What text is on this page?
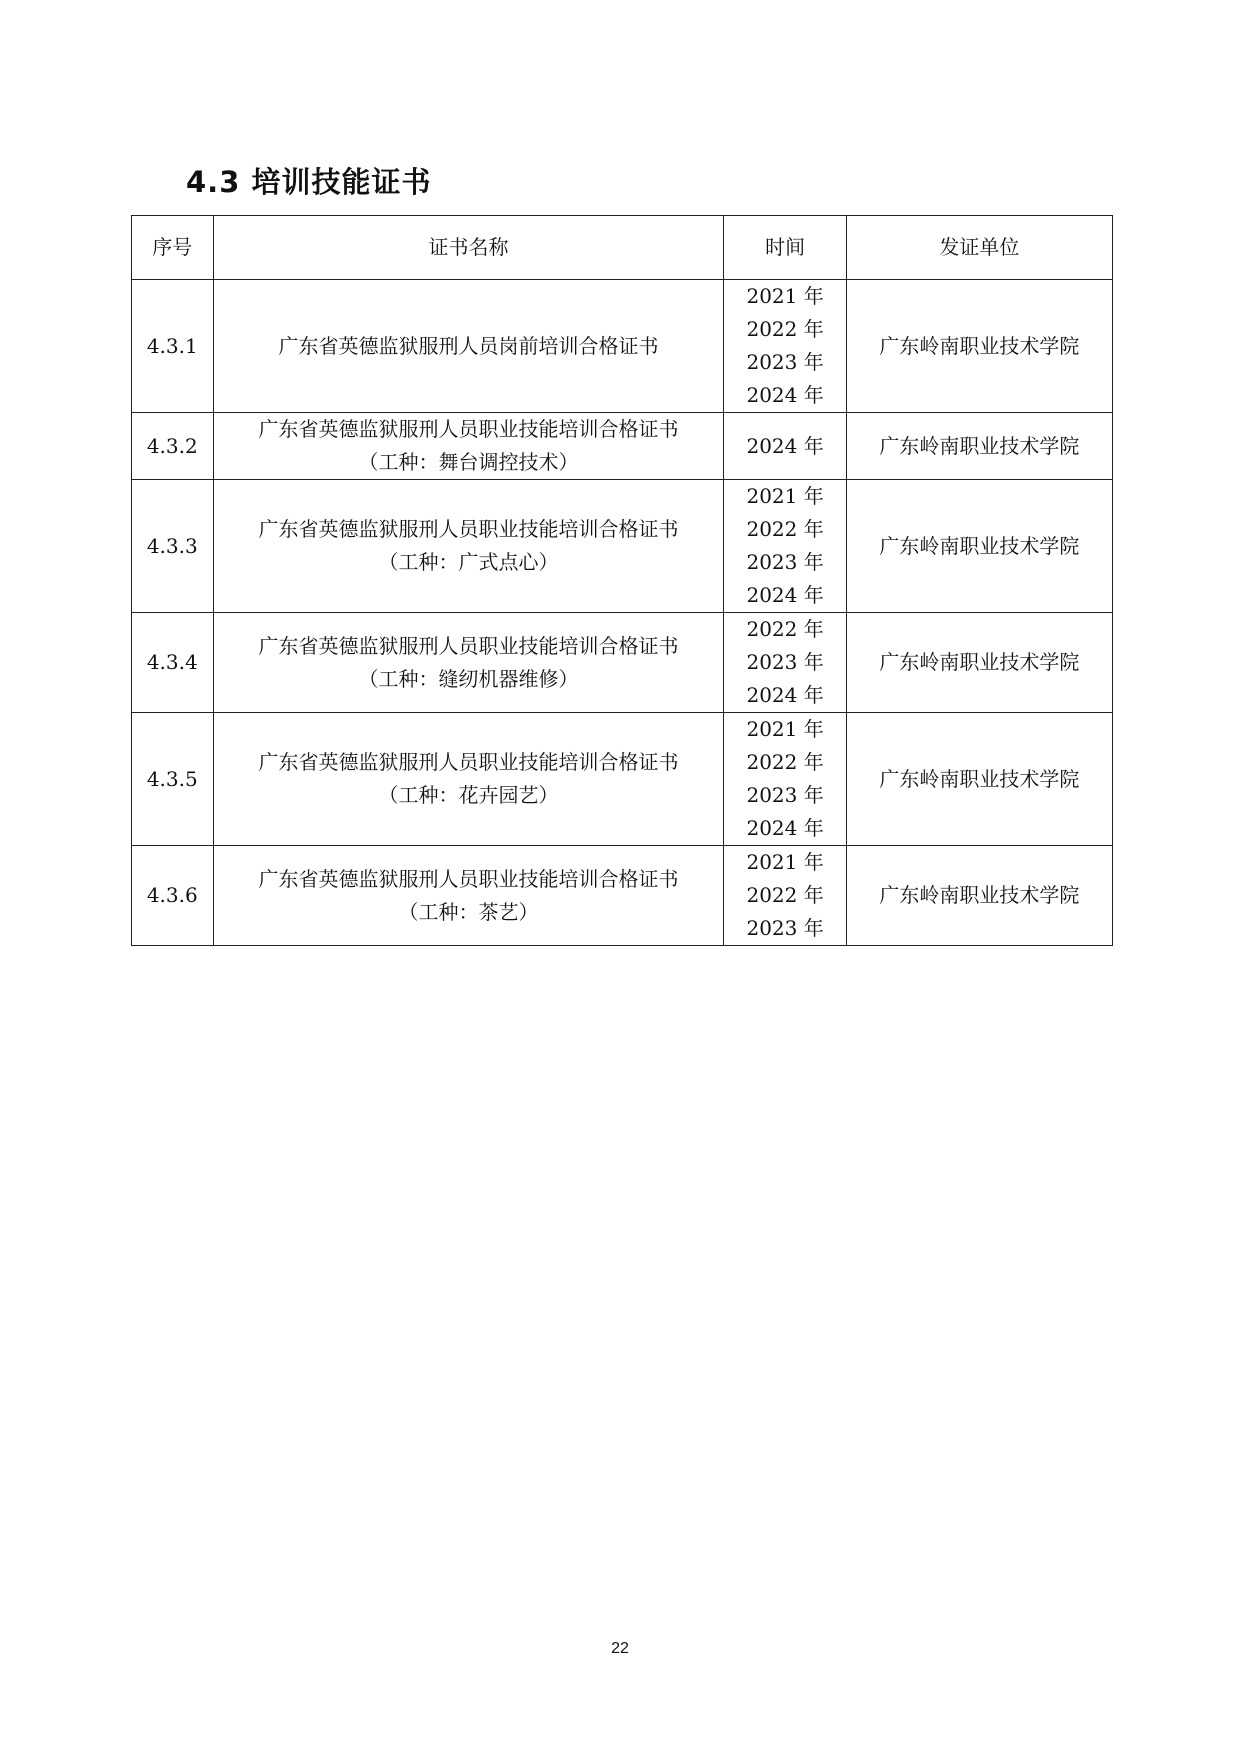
4.3 培训技能证书
序号	证书名称	时间	发证单位
4.3.1	广东省英德监狱服刑人员岗前培训合格证书	2021 年
2022 年
2023 年
2024 年	广东岭南职业技术学院
4.3.2	广东省英德监狱服刑人员职业技能培训合格证书
（工种：舞台调控技术）	2024 年	广东岭南职业技术学院
4.3.3	广东省英德监狱服刑人员职业技能培训合格证书
（工种：广式点心）	2021 年
2022 年
2023 年
2024 年	广东岭南职业技术学院
4.3.4	广东省英德监狱服刑人员职业技能培训合格证书
（工种：缝纫机器维修）	2022 年
2023 年
2024 年	广东岭南职业技术学院
4.3.5	广东省英德监狱服刑人员职业技能培训合格证书
（工种：花卉园艺）	2021 年
2022 年
2023 年
2024 年	广东岭南职业技术学院
4.3.6	广东省英德监狱服刑人员职业技能培训合格证书
（工种：茶艺）	2021 年
2022 年
2023 年	广东岭南职业技术学院
22
